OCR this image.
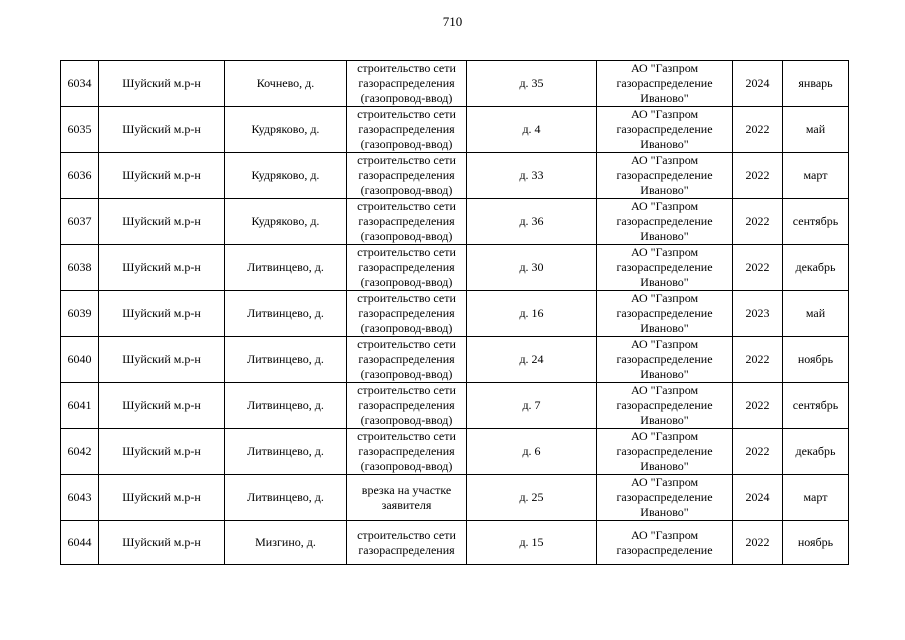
710
6034	Шуйский м.р-н	Кочнево, д.	строительство сети
газораспределения
(газопровод-ввод)	д. 35	АО "Газпром
газораспределение
Иваново"	2024	январь

6035	Шуйский м.р-н	Кудряково, д.	строительство сети
газораспределения
(газопровод-ввод)	д. 4	АО "Газпром
газораспределение
Иваново"	2022	май

6036	Шуйский м.р-н	Кудряково, д.	строительство сети
газораспределения
(газопровод-ввод)	д. 33	АО "Газпром
газораспределение
Иваново"	2022	март

6037	Шуйский м.р-н	Кудряково, д.	строительство сети
газораспределения
(газопровод-ввод)	д. 36	АО "Газпром
газораспределение
Иваново"	2022	сентябрь

6038	Шуйский м.р-н	Литвинцево, д.	строительство сети
газораспределения
(газопровод-ввод)	д. 30	АО "Газпром
газораспределение
Иваново"	2022	декабрь

6039	Шуйский м.р-н	Литвинцево, д.	строительство сети
газораспределения
(газопровод-ввод)	д. 16	АО "Газпром
газораспределение
Иваново"	2023	май

6040	Шуйский м.р-н	Литвинцево, д.	строительство сети
газораспределения
(газопровод-ввод)	д. 24	АО "Газпром
газораспределение
Иваново"	2022	ноябрь

6041	Шуйский м.р-н	Литвинцево, д.	строительство сети
газораспределения
(газопровод-ввод)	д. 7	АО "Газпром
газораспределение
Иваново"	2022	сентябрь

6042	Шуйский м.р-н	Литвинцево, д.	строительство сети
газораспределения
(газопровод-ввод)	д. 6	АО "Газпром
газораспределение
Иваново"	2022	декабрь

6043	Шуйский м.р-н	Литвинцево, д.	врезка на участке
заявителя	д. 25	АО "Газпром
газораспределение
Иваново"	2024	март

6044	Шуйский м.р-н	Мизгино, д.	строительство сети
газораспределения	д. 15	АО "Газпром
газораспределение	2022	ноябрь
